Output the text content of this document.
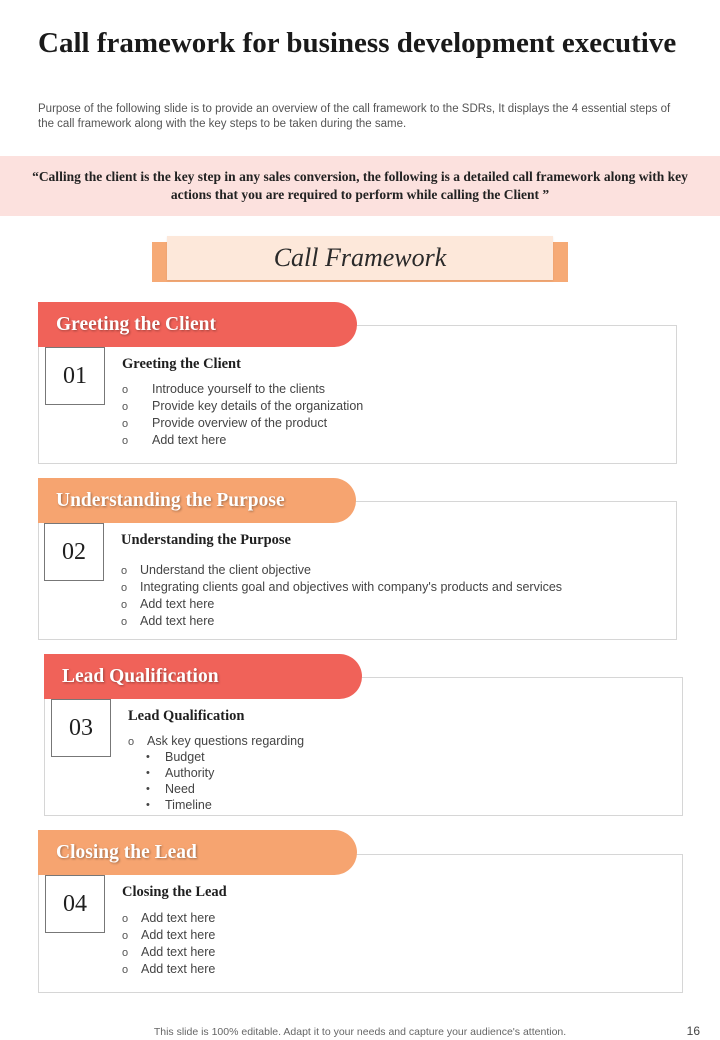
Call framework for business development executive
Purpose of the following slide is to provide an overview of the call framework to the SDRs, It displays the 4 essential steps of the call framework along with the key steps to be taken during the same.
“Calling the client is the key step in any sales conversion, the following is a detailed call framework along with key actions that you are required to perform while calling the Client ”
Call Framework
Greeting the Client
01	Greeting the Client
o Introduce yourself to the clients
o Provide key details of the organization
o Provide overview of the product
o Add text here
Understanding the Purpose
02	Understanding the Purpose
o Understand the client objective
o Integrating clients goal and objectives with company's products and services
o Add text here
o Add text here
Lead Qualification
03	Lead Qualification
o Ask key questions regarding
• Budget
• Authority
• Need
• Timeline
Closing the Lead
04	Closing the Lead
o Add text here
o Add text here
o Add text here
o Add text here
This slide is 100% editable. Adapt it to your needs and capture your audience's attention.	16
